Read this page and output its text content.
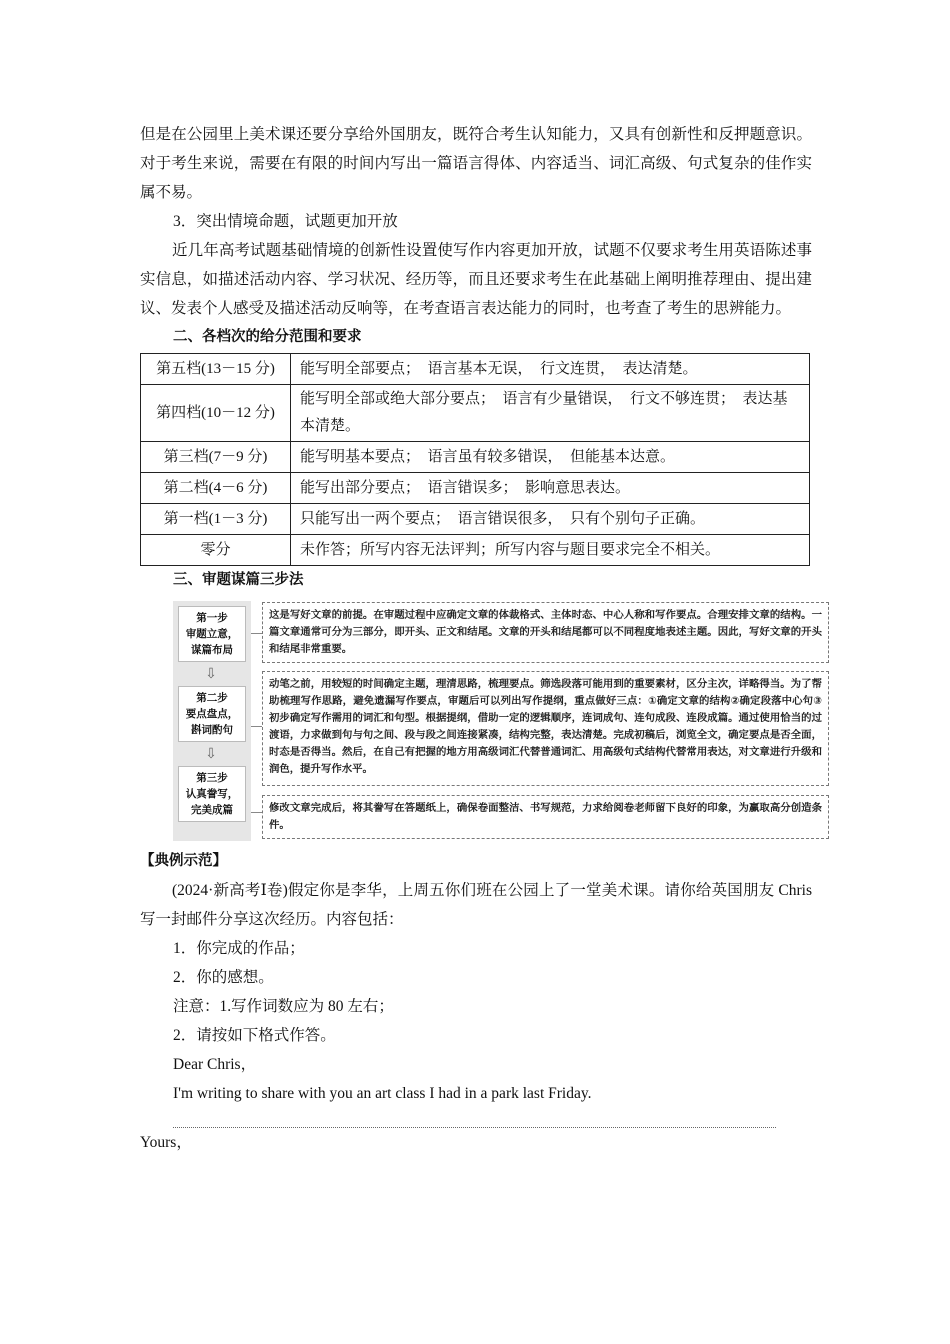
但是在公园里上美术课还要分享给外国朋友，既符合考生认知能力，又具有创新性和反押题意识。对于考生来说，需要在有限的时间内写出一篇语言得体、内容适当、词汇高级、句式复杂的佳作实属不易。

3．突出情境命题，试题更加开放

近几年高考试题基础情境的创新性设置使写作内容更加开放，试题不仅要求考生用英语陈述事实信息，如描述活动内容、学习状况、经历等，而且还要求考生在此基础上阐明推荐理由、提出建议、发表个人感受及描述活动反响等，在考查语言表达能力的同时，也考查了考生的思辨能力。

二、各档次的给分范围和要求

第五档(13－15 分)	能写明全部要点；　语言基本无误，　行文连贯，　表达清楚。
第四档(10－12 分)	能写明全部或绝大部分要点；　语言有少量错误，　行文不够连贯；　表达基本清楚。
第三档(7－9 分)	能写明基本要点；　语言虽有较多错误，　但能基本达意。
第二档(4－6 分)	能写出部分要点；　语言错误多；　影响意思表达。
第一档(1－3 分)	只能写出一两个要点；　语言错误很多，　只有个别句子正确。
零分	未作答；所写内容无法评判；所写内容与题目要求完全不相关。

三、审题谋篇三步法

第一步
审题立意，
谋篇布局
⇩
第二步
要点盘点，
斟词酌句
⇩
第三步
认真誊写，
完美成篇
这是写好文章的前提。在审题过程中应确定文章的体裁格式、主体时态、中心人称和写作要点。合理安排文章的结构。一篇文章通常可分为三部分，即开头、正文和结尾。文章的开头和结尾都可以不同程度地表述主题。因此，写好文章的开头和结尾非常重要。
动笔之前，用较短的时间确定主题，理清思路，梳理要点。筛选段落可能用到的重要素材，区分主次，详略得当。为了帮助梳理写作思路，避免遗漏写作要点，审题后可以列出写作提纲，重点做好三点：①确定文章的结构②确定段落中心句③初步确定写作需用的词汇和句型。根据提纲，借助一定的逻辑顺序，连词成句、连句成段、连段成篇。通过使用恰当的过渡语，力求做到句与句之间、段与段之间连接紧凑，结构完整，表达清楚。完成初稿后，浏览全文，确定要点是否全面，时态是否得当。然后，在自己有把握的地方用高级词汇代替普通词汇、用高级句式结构代替常用表达，对文章进行升级和润色，提升写作水平。
修改文章完成后，将其誊写在答题纸上，确保卷面整洁、书写规范，力求给阅卷老师留下良好的印象，为赢取高分创造条件。

【典例示范】

(2024·新高考Ⅰ卷)假定你是李华，上周五你们班在公园上了一堂美术课。请你给英国朋友 Chris 写一封邮件分享这次经历。内容包括：

1．你完成的作品；

2．你的感想。

注意：1.写作词数应为 80 左右；

2．请按如下格式作答。

Dear Chris，

I'm writing to share with you an art class I had in a park last Friday.

Yours，
